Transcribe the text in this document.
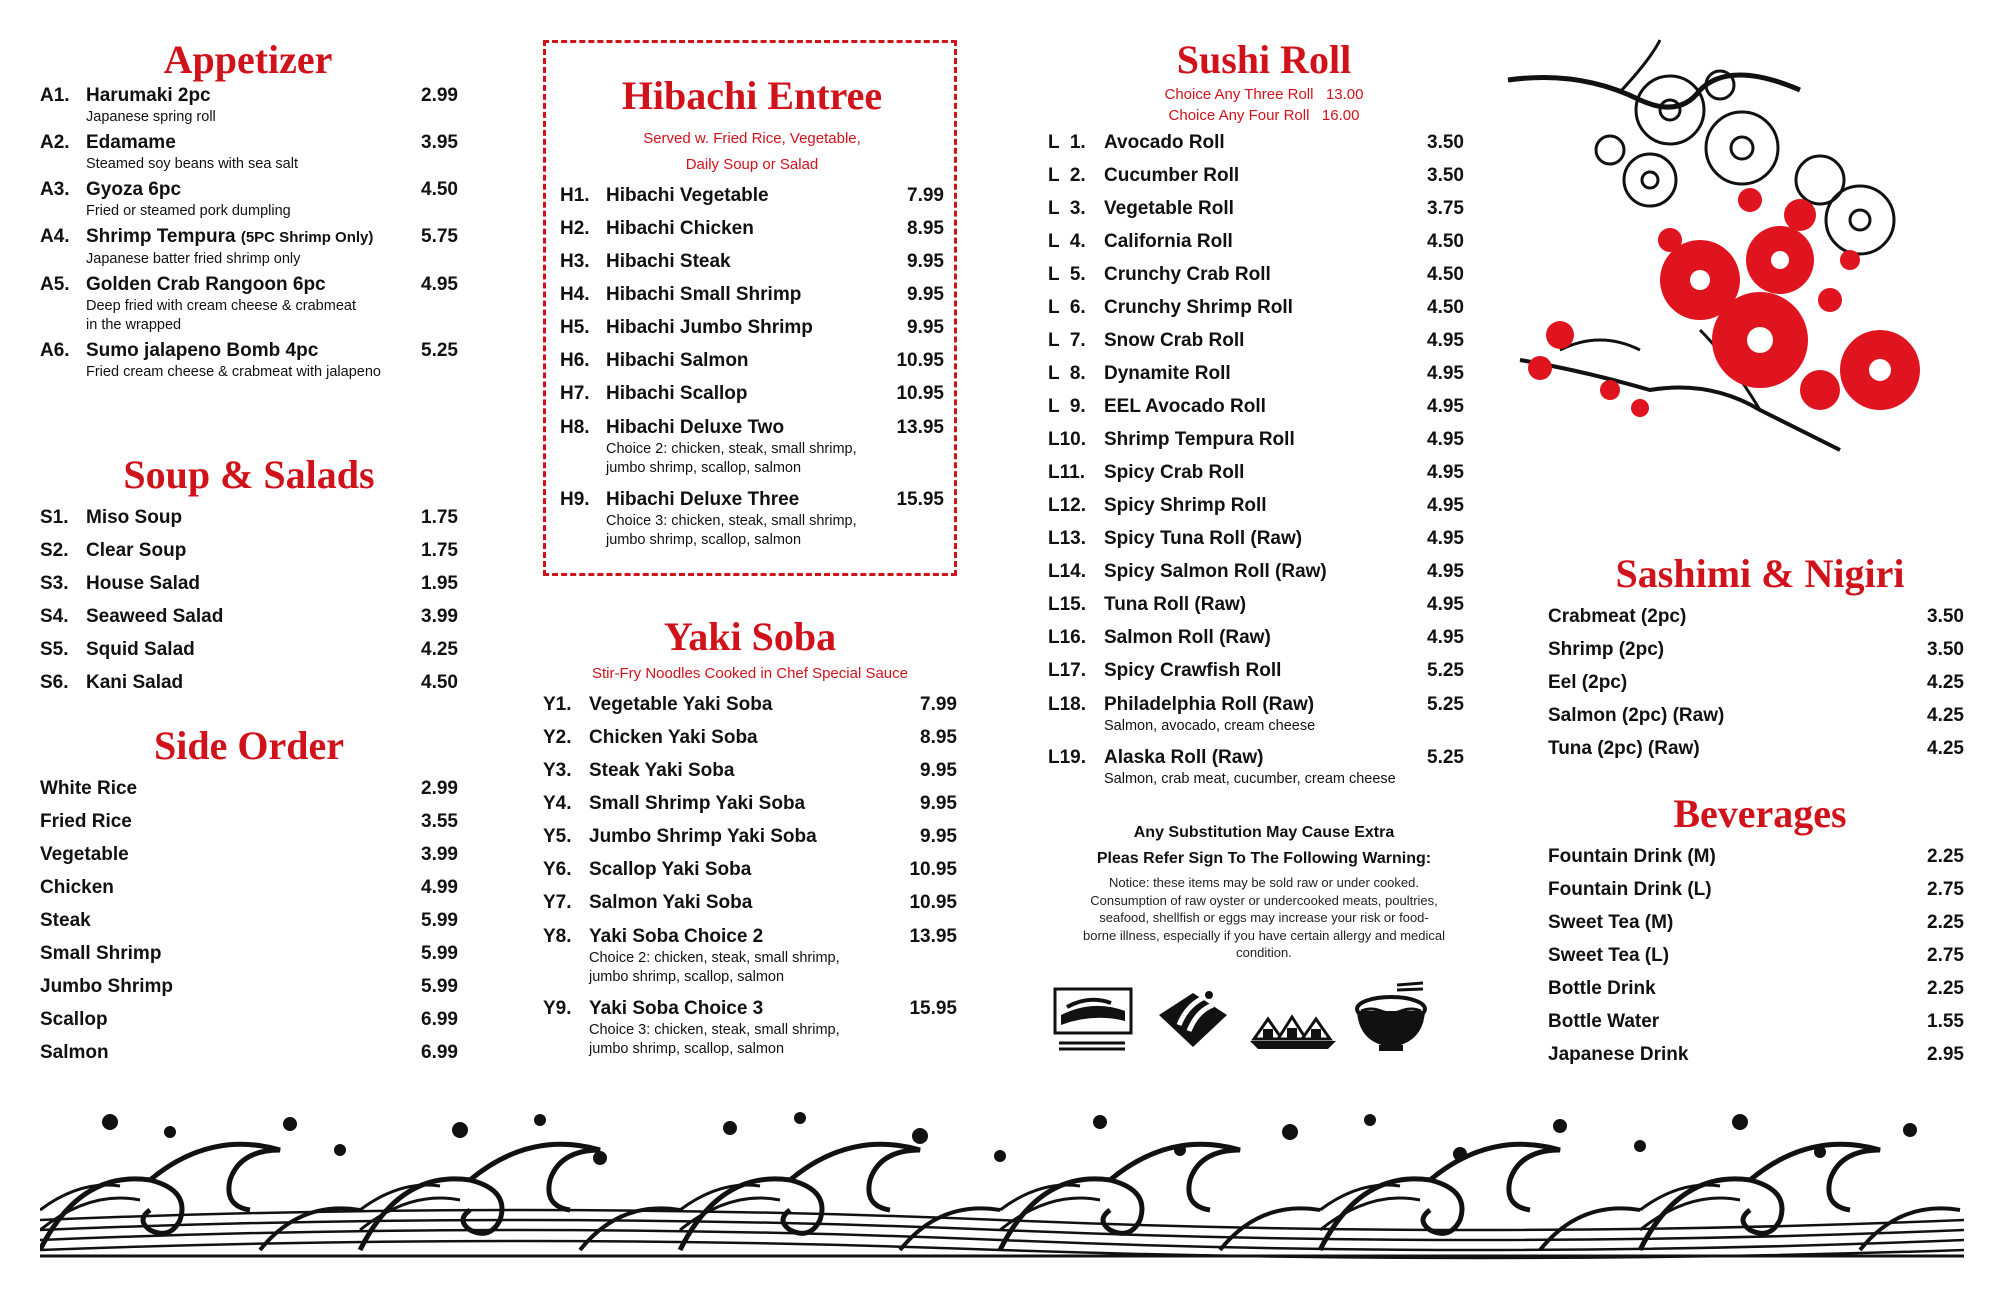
Appetizer
A1. Harumaki 2pc	2.99
Japanese spring roll
A2. Edamame	3.95
Steamed soy beans with sea salt
A3. Gyoza 6pc	4.50
Fried or steamed pork dumpling
A4. Shrimp Tempura (5PC Shrimp Only)	5.75
Japanese batter fried shrimp only
A5. Golden Crab Rangoon 6pc	4.95
Deep fried with cream cheese & crabmeat
in the wrapped
A6. Sumo jalapeno Bomb 4pc	5.25
Fried cream cheese & crabmeat with jalapeno
Soup & Salads
S1. Miso Soup	1.75
S2. Clear Soup	1.75
S3. House Salad	1.95
S4. Seaweed Salad	3.99
S5. Squid Salad	4.25
S6. Kani Salad	4.50
Side Order
White Rice	2.99
Fried Rice	3.55
Vegetable	3.99
Chicken	4.99
Steak	5.99
Small Shrimp	5.99
Jumbo Shrimp	5.99
Scallop	6.99
Salmon	6.99
Hibachi Entree
Served w. Fried Rice, Vegetable,
Daily Soup or Salad
H1. Hibachi Vegetable	7.99
H2. Hibachi Chicken	8.95
H3. Hibachi Steak	9.95
H4. Hibachi Small Shrimp	9.95
H5. Hibachi Jumbo Shrimp	9.95
H6. Hibachi Salmon	10.95
H7. Hibachi Scallop	10.95
H8. Hibachi Deluxe Two	13.95
Choice 2: chicken, steak, small shrimp,
jumbo shrimp, scallop, salmon
H9. Hibachi Deluxe Three	15.95
Choice 3: chicken, steak, small shrimp,
jumbo shrimp, scallop, salmon
Yaki Soba
Stir-Fry Noodles Cooked in Chef Special Sauce
Y1. Vegetable Yaki Soba	7.99
Y2. Chicken Yaki Soba	8.95
Y3. Steak Yaki Soba	9.95
Y4. Small Shrimp Yaki Soba	9.95
Y5. Jumbo Shrimp Yaki Soba	9.95
Y6. Scallop Yaki Soba	10.95
Y7. Salmon Yaki Soba	10.95
Y8. Yaki Soba Choice 2	13.95
Choice 2: chicken, steak, small shrimp,
jumbo shrimp, scallop, salmon
Y9. Yaki Soba Choice 3	15.95
Choice 3: chicken, steak, small shrimp,
jumbo shrimp, scallop, salmon
Sushi Roll
Choice Any Three Roll   13.00
Choice Any Four Roll   16.00
L  1. Avocado Roll	3.50
L  2. Cucumber Roll	3.50
L  3. Vegetable Roll	3.75
L  4. California Roll	4.50
L  5. Crunchy Crab Roll	4.50
L  6. Crunchy Shrimp Roll	4.50
L  7. Snow Crab Roll	4.95
L  8. Dynamite Roll	4.95
L  9. EEL Avocado Roll	4.95
L10. Shrimp Tempura Roll	4.95
L11.	Spicy Crab Roll	4.95
L12. Spicy Shrimp Roll	4.95
L13. Spicy Tuna Roll (Raw)	4.95
L14. Spicy Salmon Roll (Raw)	4.95
L15. Tuna Roll (Raw)	4.95
L16. Salmon Roll (Raw)	4.95
L17. Spicy Crawfish Roll	5.25
L18. Philadelphia Roll (Raw)	5.25
Salmon, avocado, cream cheese
L19. Alaska Roll (Raw)	5.25
Salmon, crab meat, cucumber, cream cheese
Any Substitution May Cause Extra
Pleas Refer Sign To The Following Warning:
Notice: these items may be sold raw or under cooked.
Consumption of raw oyster or undercooked meats, poultries,
seafood, shellfish or eggs may increase your risk or food-
borne illness, especially if you have certain allergy and medical
condition.
Sashimi & Nigiri
Crabmeat (2pc)	3.50
Shrimp (2pc)	3.50
Eel (2pc)	4.25
Salmon (2pc) (Raw)	4.25
Tuna (2pc) (Raw)	4.25
Beverages
Fountain Drink (M)	2.25
Fountain Drink (L)	2.75
Sweet Tea (M)	2.25
Sweet Tea (L)	2.75
Bottle Drink	2.25
Bottle Water	1.55
Japanese Drink	2.95
